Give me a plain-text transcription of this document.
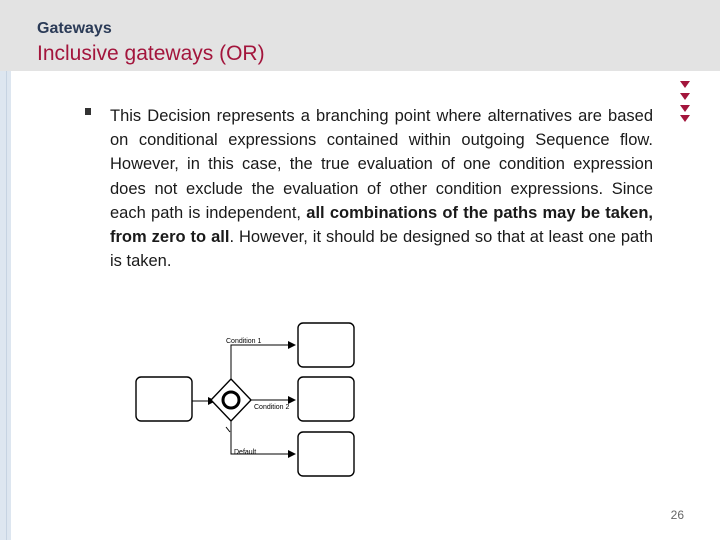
Gateways
Inclusive gateways (OR)
This Decision represents a branching point where alternatives are based on conditional expressions contained within outgoing Sequence flow. However, in this case, the true evaluation of one condition expression does not exclude the evaluation of other condition expressions. Since each path is independent, all combinations of the paths may be taken, from zero to all. However, it should be designed so that at least one path is taken.
Condition 1
Condition 2
Default
26
